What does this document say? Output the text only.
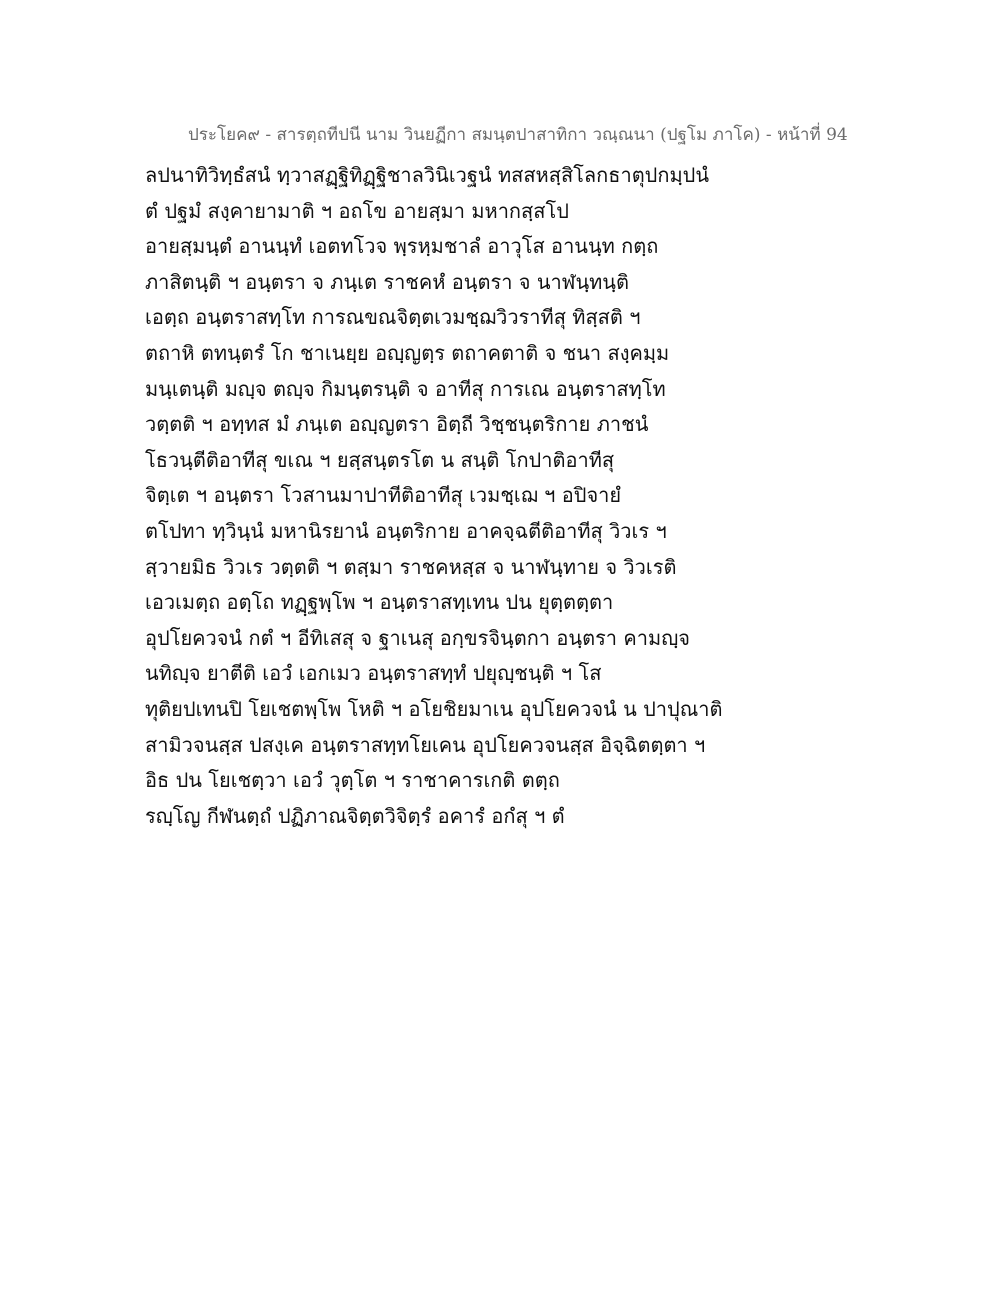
ประโยค๙ - สารตฺถทีปนี นาม วินยฏีกา สมนฺตปาสาทิกา วณฺณนา (ปฐโม ภาโค) - หน้าที่ 94
ลปนาทิวิทฺธํสนํ ทฺวาสฏฺฐิทิฏฺฐิชาลวินิเวฐนํ ทสสหสฺสิโลกธาตุปกมฺปนํ
ตํ ปฐมํ สงฺคายามาติ ฯ อถโข อายสฺมา มหากสฺสโป
อายสฺมนฺตํ อานนฺทํ เอตทโวจ พฺรหฺมชาลํ อาวุโส อานนฺท กตฺถ
ภาสิตนฺติ ฯ อนฺตรา จ ภนฺเต ราชคหํ อนฺตรา จ นาฬนฺทนฺติ
เอตฺถ อนฺตราสทฺโท การณขณจิตฺตเวมชฺฌวิวราทีสุ ทิสฺสติ ฯ
ตถาหิ ตทนฺตรํ โก ชาเนยฺย อญฺญตฺร ตถาคตาติ จ ชนา สงฺคมฺม
มนฺเตนฺติ มญฺจ ตญฺจ กิมนฺตรนฺติ จ อาทีสุ การเณ อนฺตราสทฺโท
วตฺตติ ฯ อทฺทส มํ ภนฺเต อญฺญตรา อิตฺถี วิชฺชนฺตริกาย ภาชนํ
โธวนฺตีติอาทีสุ ขเณ ฯ ยสฺสนฺตรโต น สนฺติ โกปาติอาทีสุ
จิตฺเต ฯ อนฺตรา โวสานมาปาทีติอาทีสุ เวมชฺเฌ ฯ อปิจายํ
ตโปทา ทฺวินฺนํ มหานิรยานํ อนฺตริกาย อาคจฺฉตีติอาทีสุ วิวเร ฯ
สฺวายมิธ วิวเร วตฺตติ ฯ ตสฺมา ราชคหสฺส จ นาฬนฺทาย จ วิวเรติ
เอวเมตฺถ อตฺโถ ทฏฺฐพฺโพ ฯ อนฺตราสทฺเทน ปน ยุตฺตตฺตา
อุปโยควจนํ กตํ ฯ อีทิเสสุ จ ฐาเนสุ อกฺขรจินฺตกา อนฺตรา คามญฺจ
นทิญฺจ ยาตีติ เอวํ เอกเมว อนฺตราสทฺทํ ปยุญฺชนฺติ ฯ โส
ทุติยปเทนปิ โยเชตพฺโพ โหติ ฯ อโยชิยมาเน อุปโยควจนํ น ปาปุณาติ
สามิวจนสฺส ปสงฺเค อนฺตราสทฺทโยเคน อุปโยควจนสฺส อิจฺฉิตตฺตา ฯ
อิธ ปน โยเชตฺวา เอวํ วุตฺโต ฯ ราชาคารเกติ ตตฺถ
รญฺโญ กีฬนตฺถํ ปฏิภาณจิตฺตวิจิตฺรํ อคารํ อกํสุ ฯ ตํ
